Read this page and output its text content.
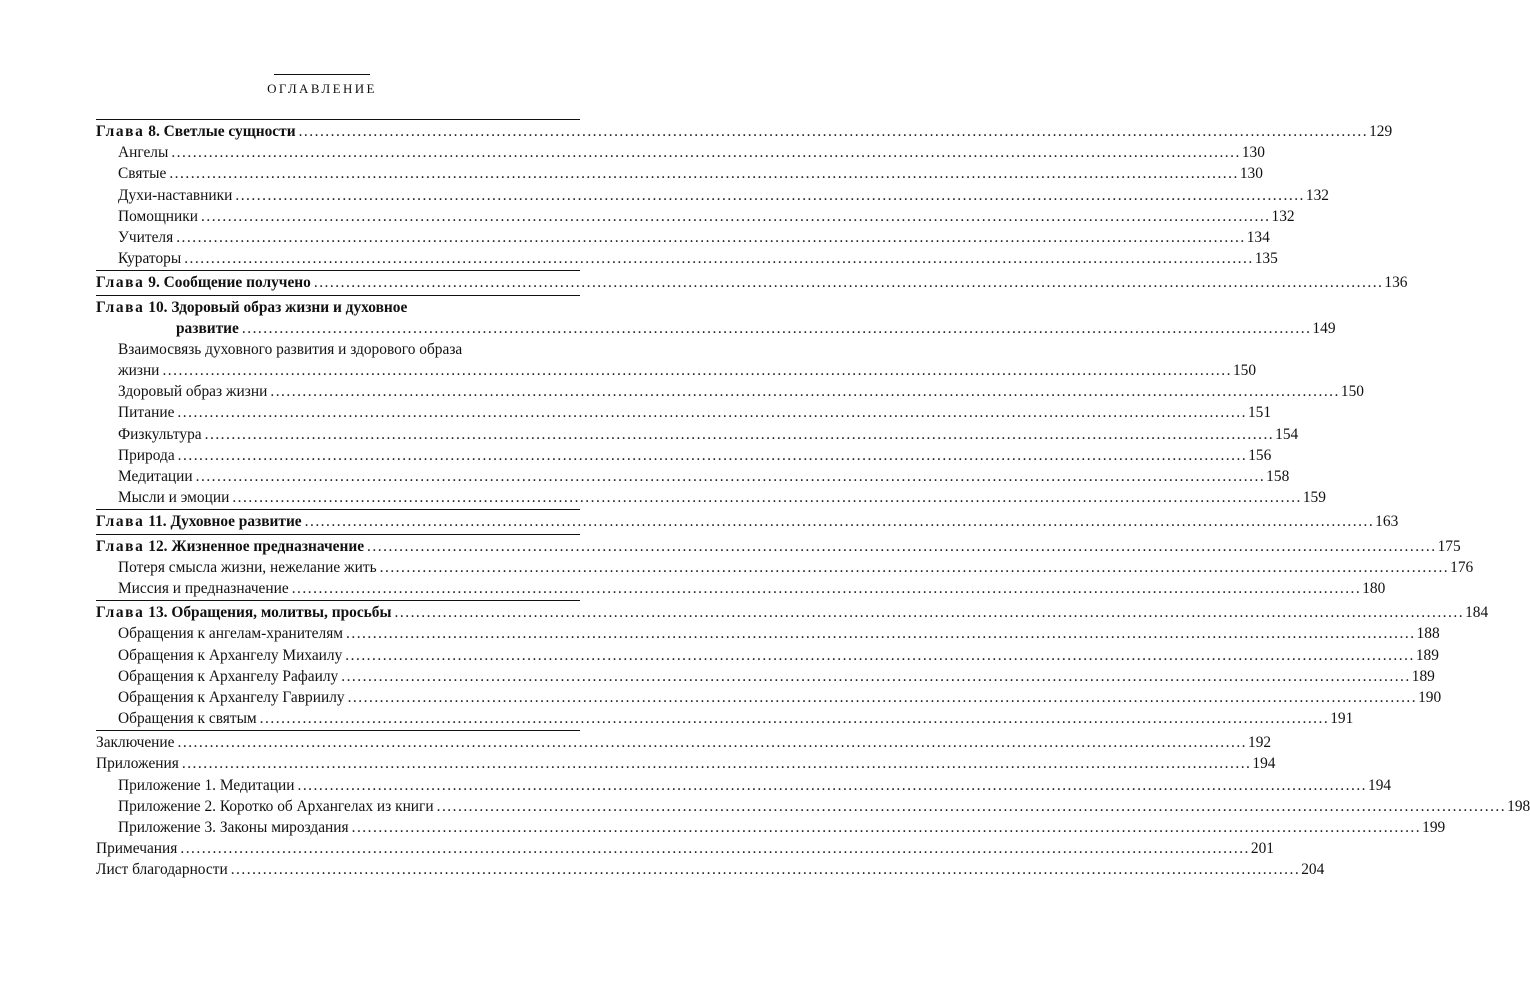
ОГЛАВЛЕНИЕ
Глава 8. Светлые сущности ........................................................................................................................................................................................................ 129
Ангелы ........................................................................................................................................................................................................ 130
Святые ........................................................................................................................................................................................................ 130
Духи-наставники ........................................................................................................................................................................................................ 132
Помощники ........................................................................................................................................................................................................ 132
Учителя ........................................................................................................................................................................................................ 134
Кураторы ........................................................................................................................................................................................................ 135
Глава 9. Сообщение получено ........................................................................................................................................................................................................ 136
Глава 10. Здоровый образ жизни и духовное
развитие ........................................................................................................................................................................................................ 149
Взаимосвязь духовного развития и здорового образа
жизни ........................................................................................................................................................................................................ 150
Здоровый образ жизни ........................................................................................................................................................................................................ 150
Питание ........................................................................................................................................................................................................ 151
Физкультура ........................................................................................................................................................................................................ 154
Природа ........................................................................................................................................................................................................ 156
Медитации ........................................................................................................................................................................................................ 158
Мысли и эмоции ........................................................................................................................................................................................................ 159
Глава 11. Духовное развитие ........................................................................................................................................................................................................ 163
Глава 12. Жизненное предназначение ........................................................................................................................................................................................................ 175
Потеря смысла жизни, нежелание жить ........................................................................................................................................................................................................ 176
Миссия и предназначение ........................................................................................................................................................................................................ 180
Глава 13. Обращения, молитвы, просьбы ........................................................................................................................................................................................................ 184
Обращения к ангелам-хранителям ........................................................................................................................................................................................................ 188
Обращения к Архангелу Михаилу ........................................................................................................................................................................................................ 189
Обращения к Архангелу Рафаилу ........................................................................................................................................................................................................ 189
Обращения к Архангелу Гавриилу ........................................................................................................................................................................................................ 190
Обращения к святым ........................................................................................................................................................................................................ 191
Заключение ........................................................................................................................................................................................................ 192
Приложения ........................................................................................................................................................................................................ 194
Приложение 1. Медитации ........................................................................................................................................................................................................ 194
Приложение 2. Коротко об Архангелах из книги ........................................................................................................................................................................................................ 198
Приложение 3. Законы мироздания ........................................................................................................................................................................................................ 199
Примечания ........................................................................................................................................................................................................ 201
Лист благодарности ........................................................................................................................................................................................................ 204
